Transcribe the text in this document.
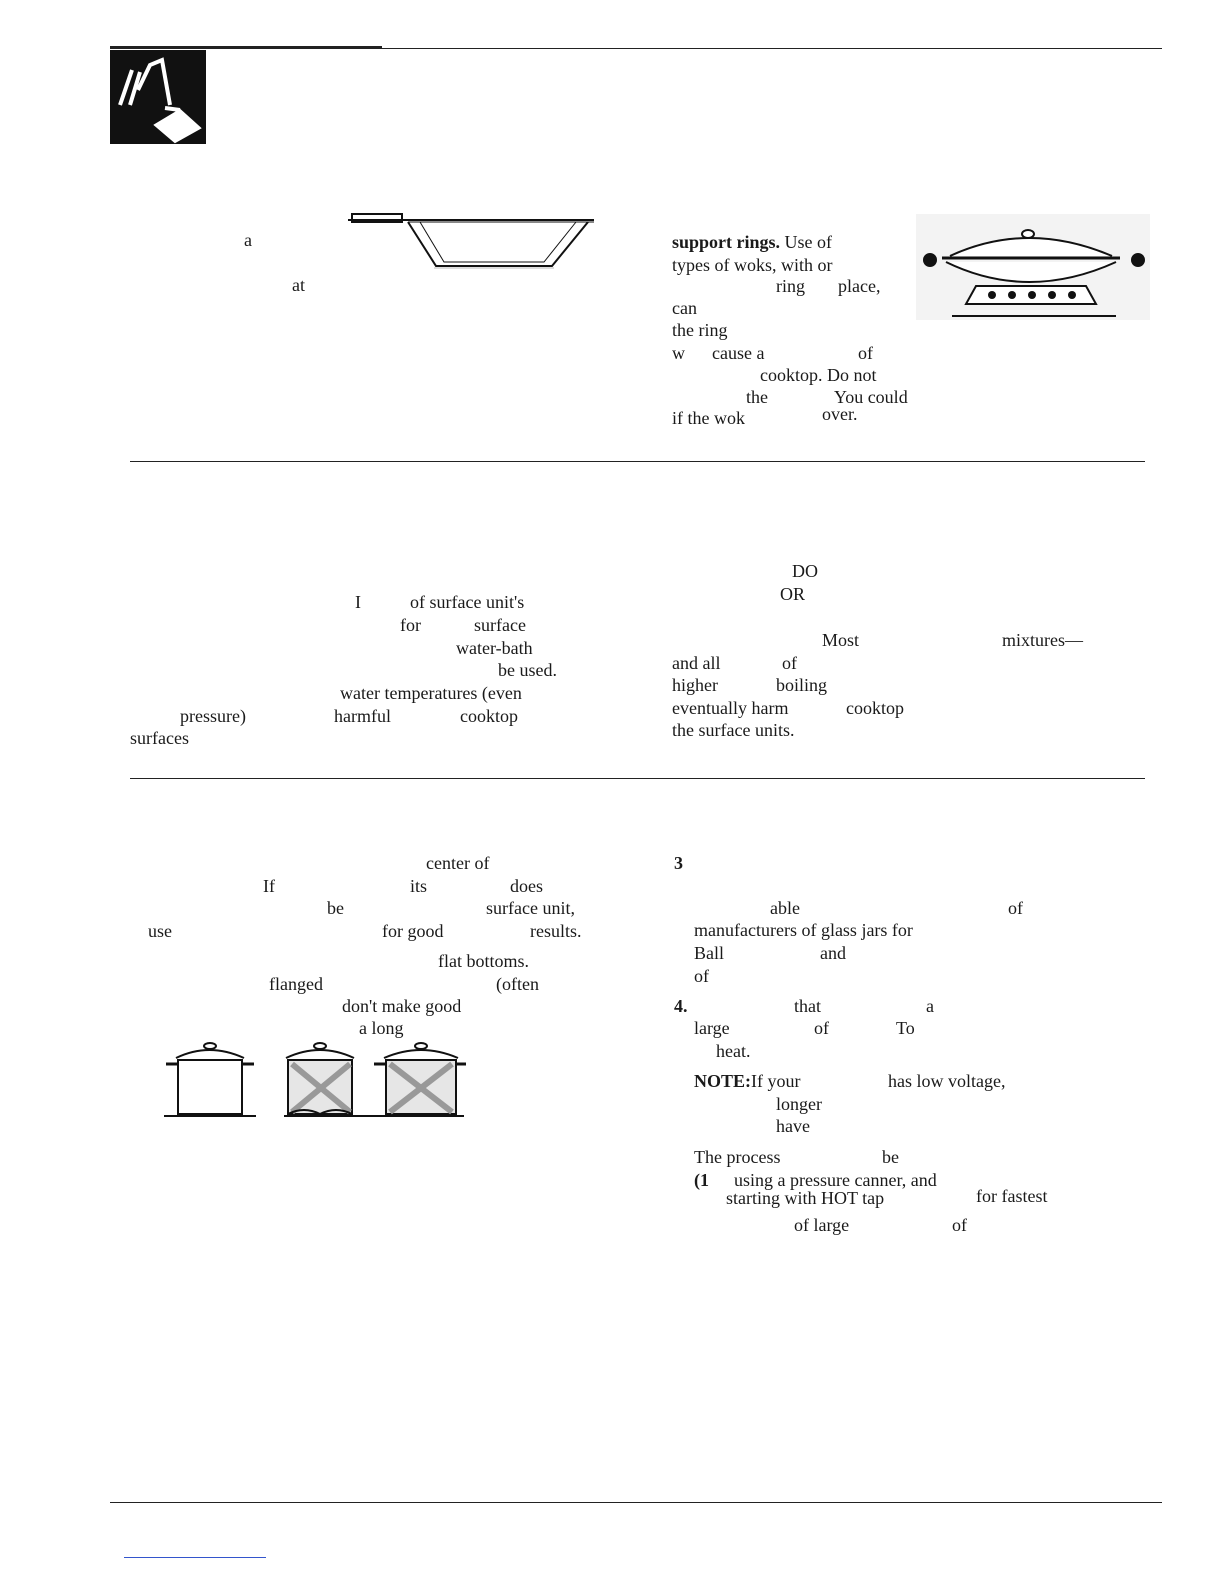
a
at
support rings. Use of
types of woks, with or
ring place,
can
the ring
w cause a	of
cooktop. Do not
the	You could
if the wok	over.
I	of surface unit's
for	surface
water-bath
be used.
water temperatures (even
pressure)	harmful	cooktop
surfaces
DO
OR
Most	mixtures—
and all	of
higher	boiling
eventually harm	cooktop
the surface units.
center of
If	its	does
be	surface unit,
use	for good	results.
flat bottoms.
flanged	(often
don't make good
a long
3
able	of
manufacturers of glass jars for
Ball	and
of
4.	that	a
large	of	To
heat.
NOTE:If your	has low voltage,
longer
have
The process	be
(1 using a pressure canner, and
starting with HOT tap	for fastest
of large	of
